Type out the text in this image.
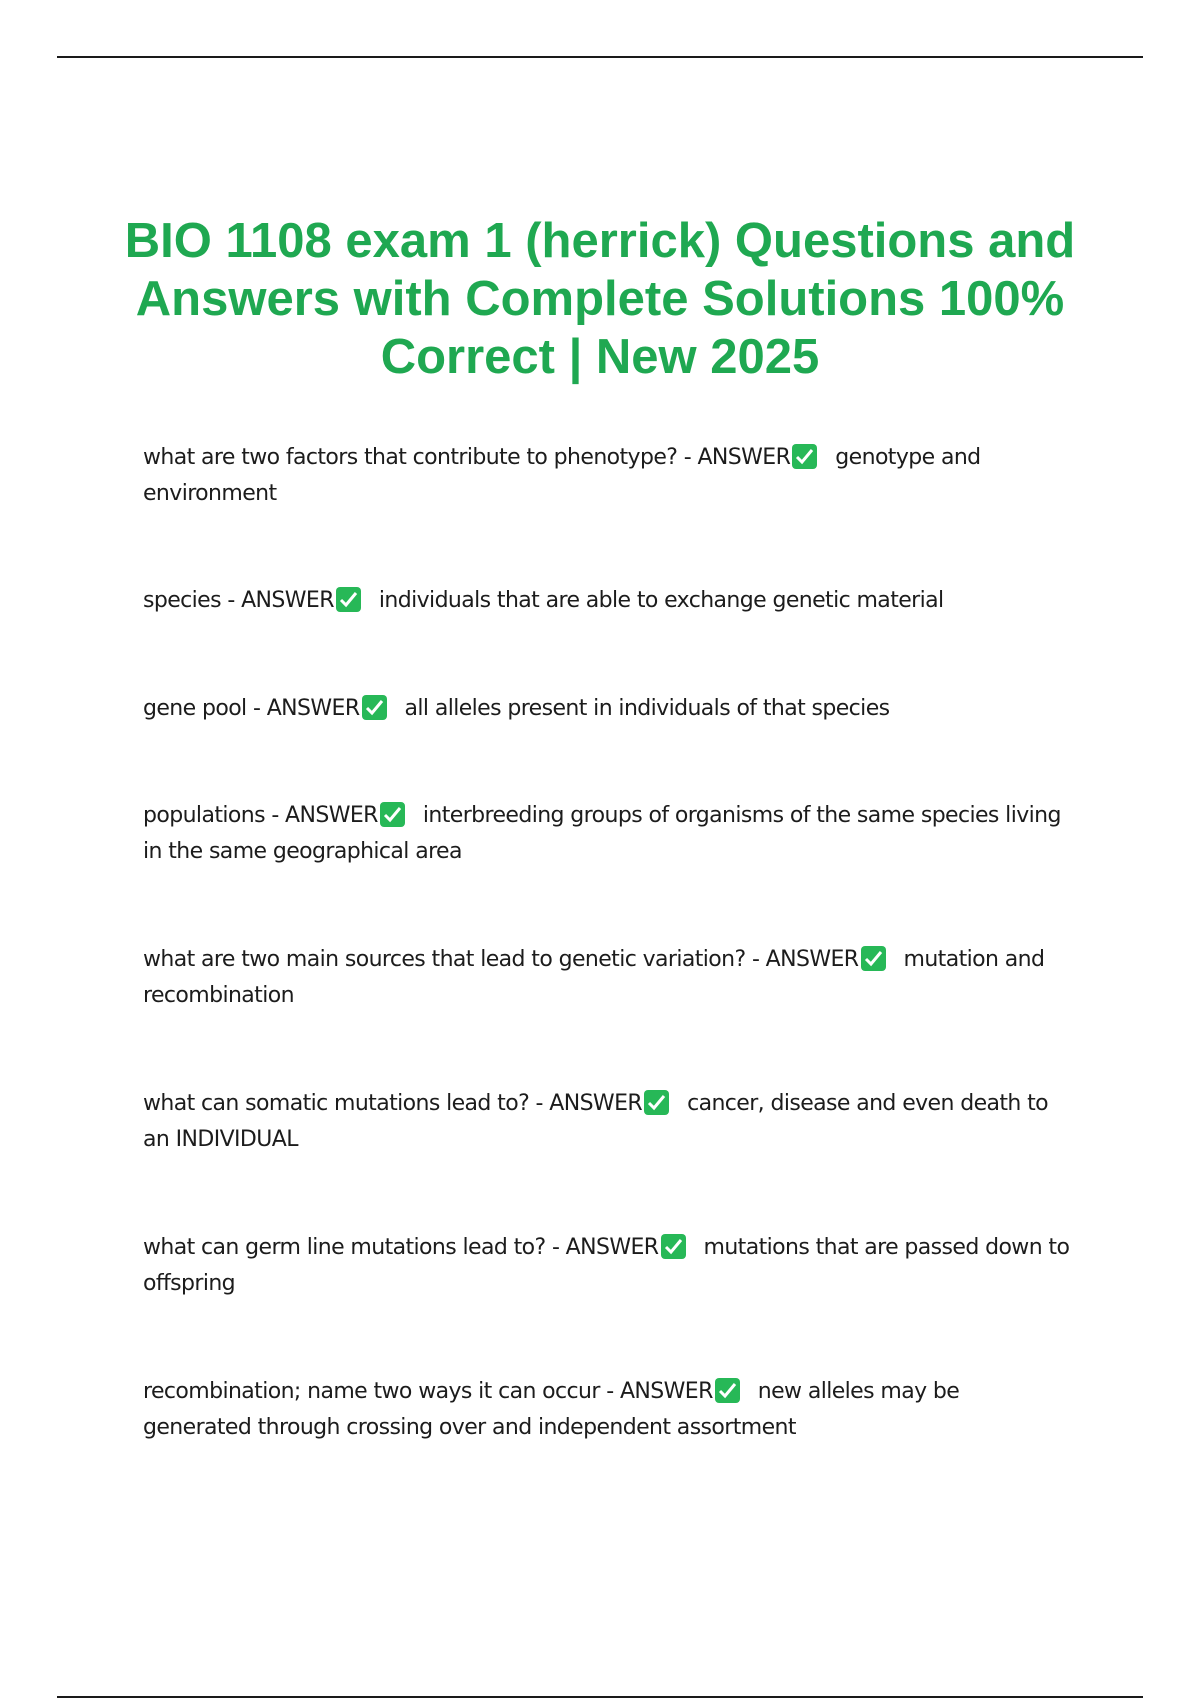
BIO 1108 exam 1 (herrick) Questions and Answers with Complete Solutions 100% Correct | New 2025
what are two factors that contribute to phenotype? - ANSWER genotype and environment
species - ANSWER individuals that are able to exchange genetic material
gene pool - ANSWER all alleles present in individuals of that species
populations - ANSWER interbreeding groups of organisms of the same species living in the same geographical area
what are two main sources that lead to genetic variation? - ANSWER mutation and recombination
what can somatic mutations lead to? - ANSWER cancer, disease and even death to an INDIVIDUAL
what can germ line mutations lead to? - ANSWER mutations that are passed down to offspring
recombination; name two ways it can occur - ANSWER new alleles may be generated through crossing over and independent assortment
